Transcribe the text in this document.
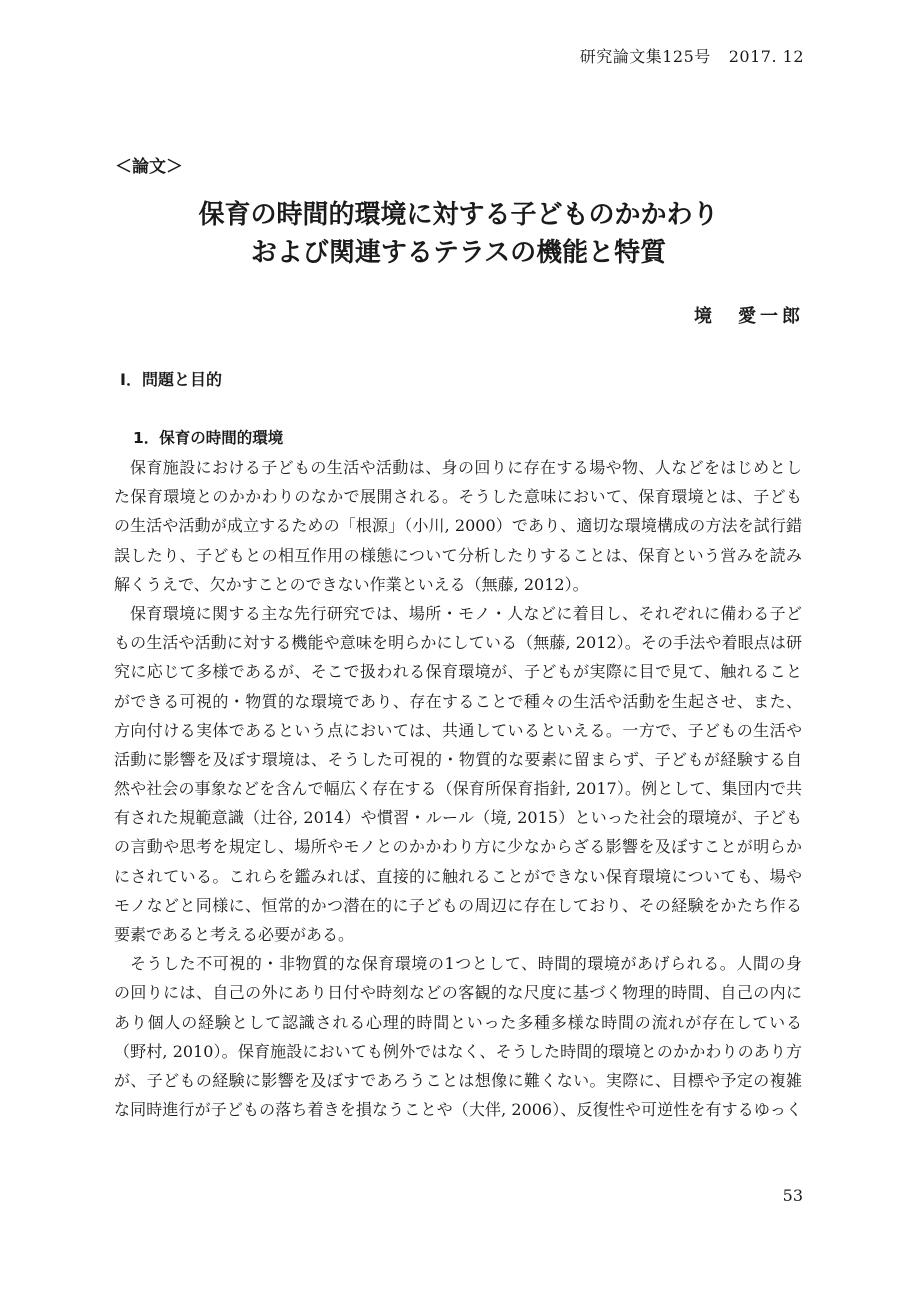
研究論文集125号 2017. 12
＜論文＞
保育の時間的環境に対する子どものかかわり
および関連するテラスの機能と特質
境　愛一郎
Ⅰ．問題と目的
1．保育の時間的環境
保育施設における子どもの生活や活動は、身の回りに存在する場や物、人などをはじめとし
た保育環境とのかかわりのなかで展開される。そうした意味において、保育環境とは、子ども
の生活や活動が成立するための「根源」（小川, 2000）であり、適切な環境構成の方法を試行錯
誤したり、子どもとの相互作用の様態について分析したりすることは、保育という営みを読み
解くうえで、欠かすことのできない作業といえる（無藤, 2012）。
保育環境に関する主な先行研究では、場所・モノ・人などに着目し、それぞれに備わる子ど
もの生活や活動に対する機能や意味を明らかにしている（無藤, 2012）。その手法や着眼点は研
究に応じて多様であるが、そこで扱われる保育環境が、子どもが実際に目で見て、触れること
ができる可視的・物質的な環境であり、存在することで種々の生活や活動を生起させ、また、
方向付ける実体であるという点においては、共通しているといえる。一方で、子どもの生活や
活動に影響を及ぼす環境は、そうした可視的・物質的な要素に留まらず、子どもが経験する自
然や社会の事象などを含んで幅広く存在する（保育所保育指針, 2017）。例として、集団内で共
有された規範意識（辻谷, 2014）や慣習・ルール（境, 2015）といった社会的環境が、子ども
の言動や思考を規定し、場所やモノとのかかわり方に少なからざる影響を及ぼすことが明らか
にされている。これらを鑑みれば、直接的に触れることができない保育環境についても、場や
モノなどと同様に、恒常的かつ潜在的に子どもの周辺に存在しており、その経験をかたち作る
要素であると考える必要がある。
そうした不可視的・非物質的な保育環境の1つとして、時間的環境があげられる。人間の身
の回りには、自己の外にあり日付や時刻などの客観的な尺度に基づく物理的時間、自己の内に
あり個人の経験として認識される心理的時間といった多種多様な時間の流れが存在している
（野村, 2010）。保育施設においても例外ではなく、そうした時間的環境とのかかわりのあり方
が、子どもの経験に影響を及ぼすであろうことは想像に難くない。実際に、目標や予定の複雑
な同時進行が子どもの落ち着きを損なうことや（大伴, 2006）、反復性や可逆性を有するゆっく
53
